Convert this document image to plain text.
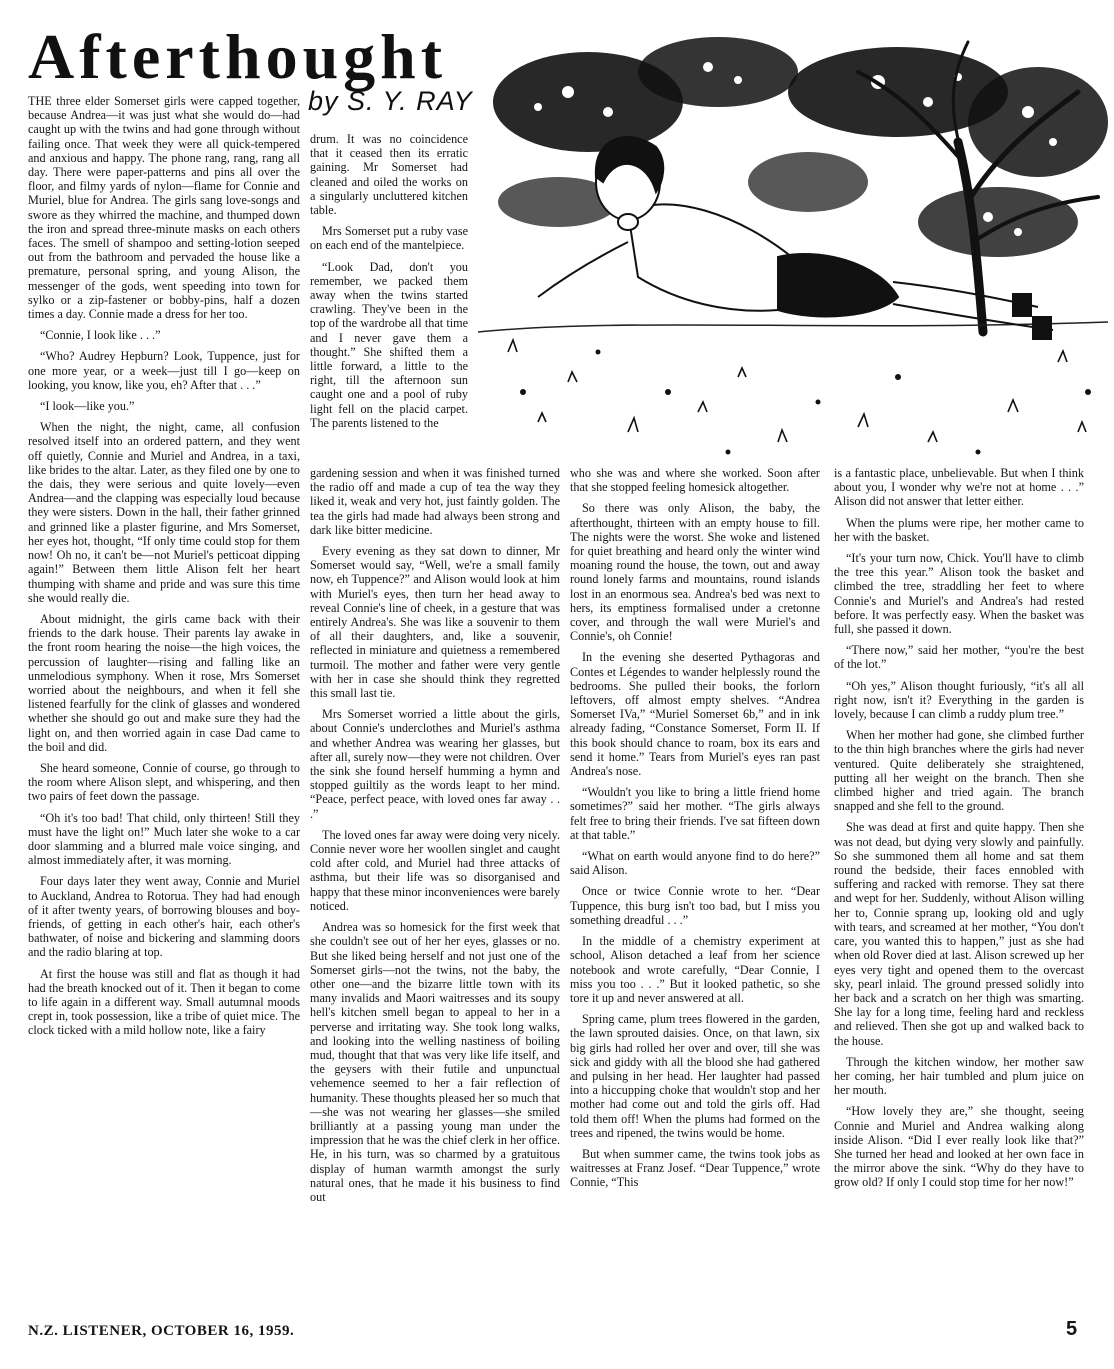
Afterthought
by S. Y. RAY

THE three elder Somerset girls were capped together, because Andrea—it was just what she would do—had caught up with the twins and had gone through without failing once. That week they were all quick-tempered and anxious and happy. The phone rang, rang, rang all day. There were paper-patterns and pins all over the floor, and filmy yards of nylon—flame for Connie and Muriel, blue for Andrea. The girls sang love-songs and swore as they whirred the machine, and thumped down the iron and spread three-minute masks on each others faces. The smell of shampoo and setting-lotion seeped out from the bathroom and pervaded the house like a premature, personal spring, and young Alison, the messenger of the gods, went speeding into town for sylko or a zip-fastener or bobby-pins, half a dozen times a day. Connie made a dress for her too.

“Connie, I look like . . .”

“Who? Audrey Hepburn? Look, Tuppence, just for one more year, or a week—just till I go—keep on looking, you know, like you, eh? After that . . .”

“I look—like you.”

When the night, the night, came, all confusion resolved itself into an ordered pattern, and they went off quietly, Connie and Muriel and Andrea, in a taxi, like brides to the altar. Later, as they filed one by one to the dais, they were serious and quite lovely—even Andrea—and the clapping was especially loud because they were sisters. Down in the hall, their father grinned and grinned like a plaster figurine, and Mrs Somerset, her eyes hot, thought, “If only time could stop for them now! Oh no, it can't be—not Muriel's petticoat dipping again!” Between them little Alison felt her heart thumping with shame and pride and was sure this time she would really die.

About midnight, the girls came back with their friends to the dark house. Their parents lay awake in the front room hearing the noise—the high voices, the percussion of laughter—rising and falling like an unmelodious symphony. When it rose, Mrs Somerset worried about the neighbours, and when it fell she listened fearfully for the clink of glasses and wondered whether she should go out and make sure they had the light on, and then worried again in case Dad came to the boil and did.

She heard someone, Connie of course, go through to the room where Alison slept, and whispering, and then two pairs of feet down the passage.

“Oh it's too bad! That child, only thirteen! Still they must have the light on!” Much later she woke to a car door slamming and a blurred male voice singing, and almost immediately after, it was morning.

Four days later they went away, Connie and Muriel to Auckland, Andrea to Rotorua. They had had enough of it after twenty years, of borrowing blouses and boy-friends, of getting in each other's hair, each other's bathwater, of noise and bickering and slamming doors and the radio blaring at top.

At first the house was still and flat as though it had had the breath knocked out of it. Then it began to come to life again in a different way. Small autumnal moods crept in, took possession, like a tribe of quiet mice. The clock ticked with a mild hollow note, like a fairy

drum. It was no coincidence that it ceased then its erratic gaining. Mr Somerset had cleaned and oiled the works on a singularly uncluttered kitchen table.

Mrs Somerset put a ruby vase on each end of the mantelpiece.

“Look Dad, don't you remember, we packed them away when the twins started crawling. They've been in the top of the wardrobe all that time and I never gave them a thought.” She shifted them a little forward, a little to the right, till the afternoon sun caught one and a pool of ruby light fell on the placid carpet. The parents listened to the

gardening session and when it was finished turned the radio off and made a cup of tea the way they liked it, weak and very hot, just faintly golden. The tea the girls had made had always been strong and dark like bitter medicine.

Every evening as they sat down to dinner, Mr Somerset would say, “Well, we're a small family now, eh Tuppence?” and Alison would look at him with Muriel's eyes, then turn her head away to reveal Connie's line of cheek, in a gesture that was entirely Andrea's. She was like a souvenir to them of all their daughters, and, like a souvenir, reflected in miniature and quietness a remembered turmoil. The mother and father were very gentle with her in case she should think they regretted this small last tie.

Mrs Somerset worried a little about the girls, about Connie's underclothes and Muriel's asthma and whether Andrea was wearing her glasses, but after all, surely now—they were not children. Over the sink she found herself humming a hymn and stopped guiltily as the words leapt to her mind. “Peace, perfect peace, with loved ones far away . . .”

The loved ones far away were doing very nicely. Connie never wore her woollen singlet and caught cold after cold, and Muriel had three attacks of asthma, but their life was so disorganised and happy that these minor inconveniences were barely noticed.

Andrea was so homesick for the first week that she couldn't see out of her her eyes, glasses or no. But she liked being herself and not just one of the Somerset girls—not the twins, not the baby, the other one—and the bizarre little town with its many invalids and Maori waitresses and its soupy hell's kitchen smell began to appeal to her in a perverse and irritating way. She took long walks, and looking into the welling nastiness of boiling mud, thought that that was very like life itself, and the geysers with their futile and unpunctual vehemence seemed to her a fair reflection of humanity. These thoughts pleased her so much that—she was not wearing her glasses—she smiled brilliantly at a passing young man under the impression that he was the chief clerk in her office. He, in his turn, was so charmed by a gratuitous display of human warmth amongst the surly natural ones, that he made it his business to find out

who she was and where she worked. Soon after that she stopped feeling homesick altogether.

So there was only Alison, the baby, the afterthought, thirteen with an empty house to fill. The nights were the worst. She woke and listened for quiet breathing and heard only the winter wind moaning round the house, the town, out and away round lonely farms and mountains, round islands lost in an enormous sea. Andrea's bed was next to hers, its emptiness formalised under a cretonne cover, and through the wall were Muriel's and Connie's, oh Connie!

In the evening she deserted Pythagoras and Contes et Légendes to wander helplessly round the bedrooms. She pulled their books, the forlorn leftovers, off almost empty shelves. “Andrea Somerset IVa,” “Muriel Somerset 6b,” and in ink already fading, “Constance Somerset, Form II. If this book should chance to roam, box its ears and send it home.” Tears from Muriel's eyes ran past Andrea's nose.

“Wouldn't you like to bring a little friend home sometimes?” said her mother. “The girls always felt free to bring their friends. I've sat fifteen down at that table.”

“What on earth would anyone find to do here?” said Alison.

Once or twice Connie wrote to her. “Dear Tuppence, this burg isn't too bad, but I miss you something dreadful . . .”

In the middle of a chemistry experiment at school, Alison detached a leaf from her science notebook and wrote carefully, “Dear Connie, I miss you too . . .” But it looked pathetic, so she tore it up and never answered at all.

Spring came, plum trees flowered in the garden, the lawn sprouted daisies. Once, on that lawn, six big girls had rolled her over and over, till she was sick and giddy with all the blood she had gathered and pulsing in her head. Her laughter had passed into a hiccupping choke that wouldn't stop and her mother had come out and told the girls off. Had told them off! When the plums had formed on the trees and ripened, the twins would be home.

But when summer came, the twins took jobs as waitresses at Franz Josef. “Dear Tuppence,” wrote Connie, “This

is a fantastic place, unbelievable. But when I think about you, I wonder why we're not at home . . .” Alison did not answer that letter either.

When the plums were ripe, her mother came to her with the basket.

“It's your turn now, Chick. You'll have to climb the tree this year.” Alison took the basket and climbed the tree, straddling her feet to where Connie's and Muriel's and Andrea's had rested before. It was perfectly easy. When the basket was full, she passed it down.

“There now,” said her mother, “you're the best of the lot.”

“Oh yes,” Alison thought furiously, “it's all all right now, isn't it? Everything in the garden is lovely, because I can climb a ruddy plum tree.”

When her mother had gone, she climbed further to the thin high branches where the girls had never ventured. Quite deliberately she straightened, putting all her weight on the branch. Then she climbed higher and tried again. The branch snapped and she fell to the ground.

She was dead at first and quite happy. Then she was not dead, but dying very slowly and painfully. So she summoned them all home and sat them round the bedside, their faces ennobled with suffering and racked with remorse. They sat there and wept for her. Suddenly, without Alison willing her to, Connie sprang up, looking old and ugly with tears, and screamed at her mother, “You don't care, you wanted this to happen,” just as she had when old Rover died at last. Alison screwed up her eyes very tight and opened them to the overcast sky, pearl inlaid. The ground pressed solidly into her back and a scratch on her thigh was smarting. She lay for a long time, feeling hard and reckless and relieved. Then she got up and walked back to the house.

Through the kitchen window, her mother saw her coming, her hair tumbled and plum juice on her mouth.

“How lovely they are,” she thought, seeing Connie and Muriel and Andrea walking along inside Alison. “Did I ever really look like that?” She turned her head and looked at her own face in the mirror above the sink. “Why do they have to grow old? If only I could stop time for her now!”

N.Z. LISTENER, OCTOBER 16, 1959.	5
